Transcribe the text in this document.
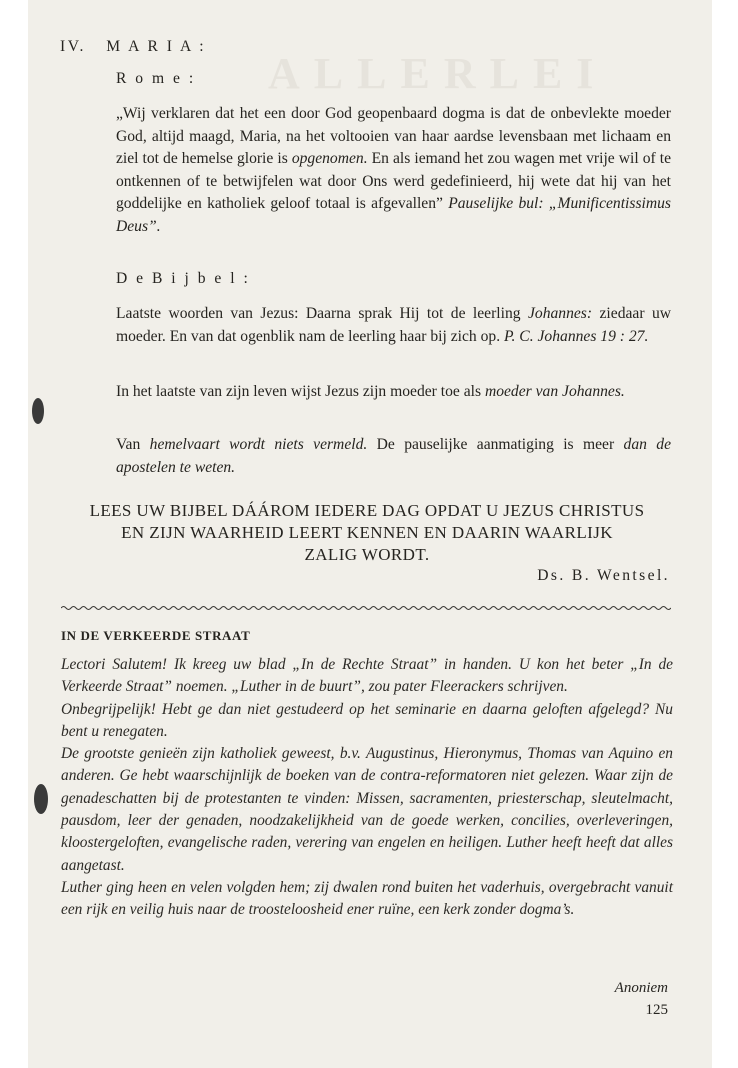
ALLERLEI
IV. M A R I A :
R o m e :

„Wij verklaren dat het een door God geopenbaard dogma is dat de onbevlekte moeder God, altijd maagd, Maria, na het voltooien van haar aardse levensbaan met lichaam en ziel tot de hemelse glorie is opgenomen. En als iemand het zou wagen met vrije wil of te ontkennen of te betwijfelen wat door Ons werd gedefinieerd, hij wete dat hij van het goddelijke en katholiek geloof totaal is afgevallen” Pauselijke bul: „Munificentissimus Deus”.

D e B i j b e l :

Laatste woorden van Jezus: Daarna sprak Hij tot de leerling Johannes: ziedaar uw moeder. En van dat ogenblik nam de leerling haar bij zich op. P. C. Johannes 19 : 27.

In het laatste van zijn leven wijst Jezus zijn moeder toe als moeder van Johannes.

Van hemelvaart wordt niets vermeld. De pauselijke aanmatiging is meer dan de apostelen te weten.

LEES UW BIJBEL DÁÁROM IEDERE DAG OPDAT U JEZUS CHRISTUS
EN ZIJN WAARHEID LEERT KENNEN EN DAARIN WAARLIJK
ZALIG WORDT.
Ds. B. Wentsel.
IN DE VERKEERDE STRAAT

Lectori Salutem! Ik kreeg uw blad „In de Rechte Straat” in handen. U kon het beter „In de Verkeerde Straat” noemen. „Luther in de buurt”, zou pater Fleerackers schrijven.

Onbegrijpelijk! Hebt ge dan niet gestudeerd op het seminarie en daarna geloften afgelegd? Nu bent u renegaten.

De grootste genieën zijn katholiek geweest, b.v. Augustinus, Hieronymus, Thomas van Aquino en anderen. Ge hebt waarschijnlijk de boeken van de contra-reformatoren niet gelezen. Waar zijn de genadeschatten bij de protestanten te vinden: Missen, sacramenten, priesterschap, sleutelmacht, pausdom, leer der genaden, noodzakelijkheid van de goede werken, concilies, overleveringen, kloostergeloften, evangelische raden, verering van engelen en heiligen. Luther heeft heeft dat alles aangetast.

Luther ging heen en velen volgden hem; zij dwalen rond buiten het vaderhuis, overgebracht vanuit een rijk en veilig huis naar de troosteloosheid ener ruïne, een kerk zonder dogma’s.

Anoniem
125
